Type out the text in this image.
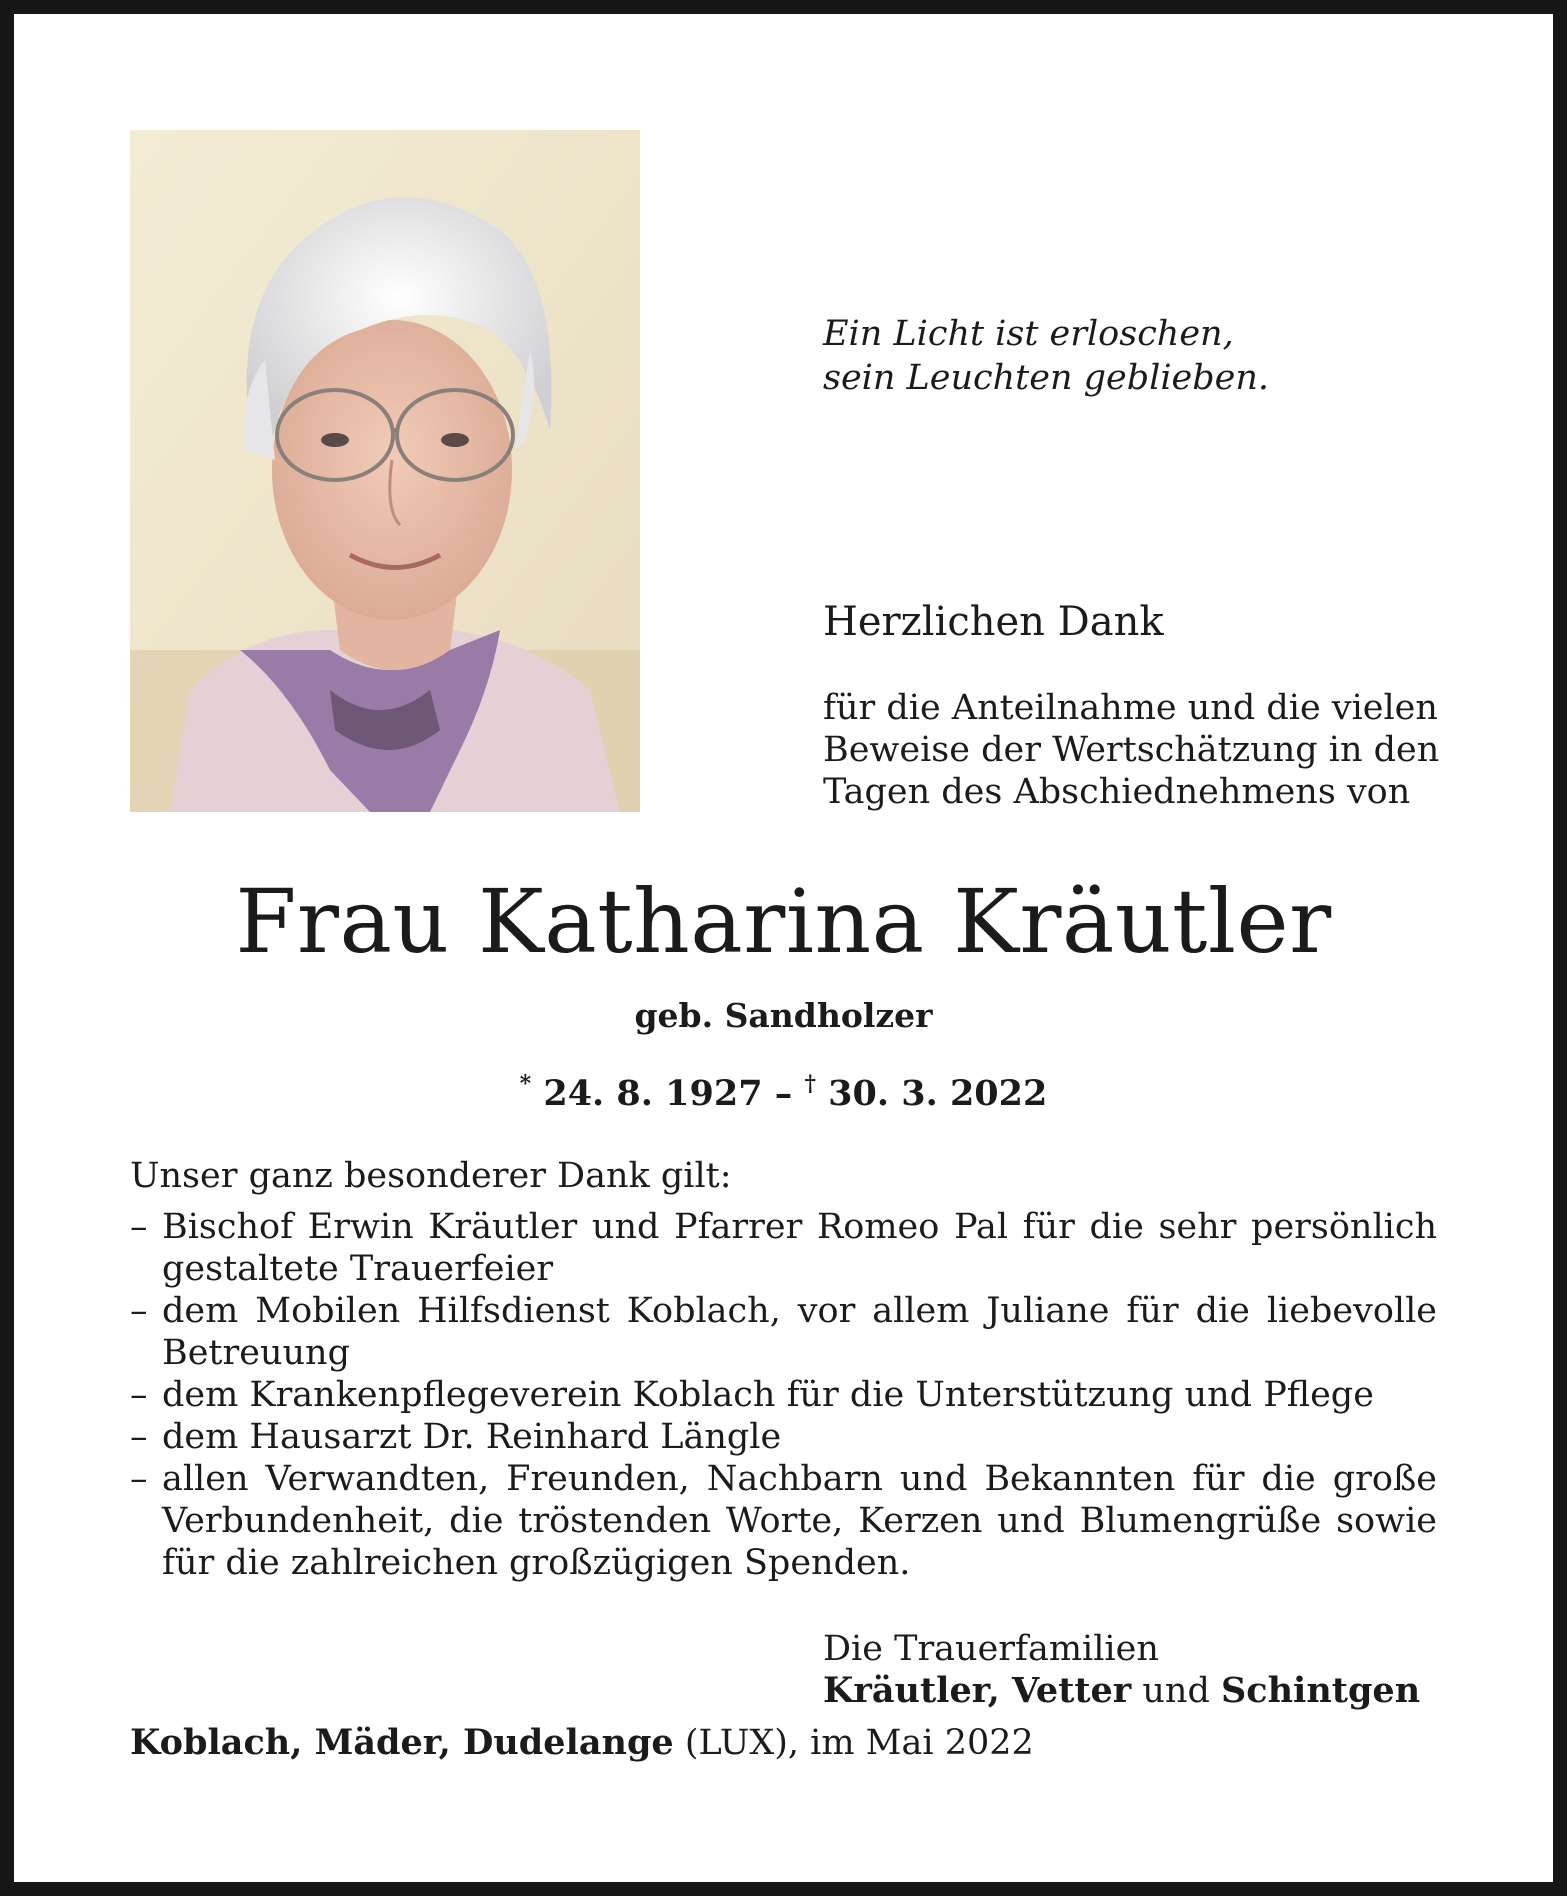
Ein Licht ist erloschen,
sein Leuchten geblieben.
Herzlichen Dank
für die Anteilnahme und die vielen
Beweise der Wertschätzung in den
Tagen des Abschiednehmens von
Frau Katharina Kräutler
geb. Sandholzer
* 24. 8. 1927 – † 30. 3. 2022
Unser ganz besonderer Dank gilt:
– Bischof Erwin Kräutler und Pfarrer Romeo Pal für die sehr persönlich gestaltete Trauerfeier
– dem Mobilen Hilfsdienst Koblach, vor allem Juliane für die liebevolle Betreuung
– dem Krankenpflegeverein Koblach für die Unterstützung und Pflege
– dem Hausarzt Dr. Reinhard Längle
– allen Verwandten, Freunden, Nachbarn und Bekannten für die große Verbundenheit, die tröstenden Worte, Kerzen und Blumengrüße sowie für die zahlreichen großzügigen Spenden.
Die Trauerfamilien
Kräutler, Vetter und Schintgen
Koblach, Mäder, Dudelange (LUX), im Mai 2022
